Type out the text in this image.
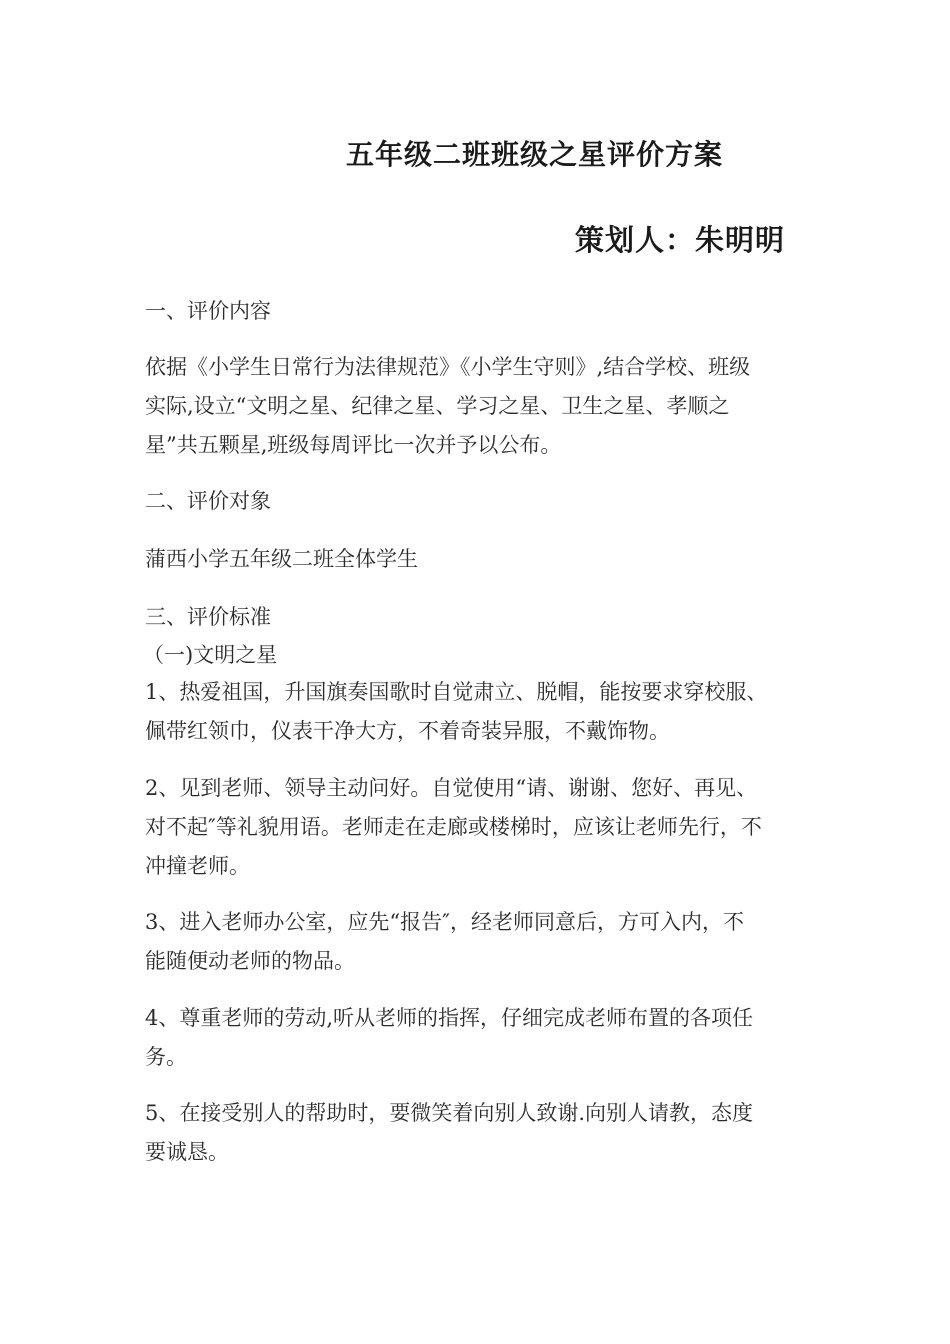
五年级二班班级之星评价方案
策划人：朱明明
一、评价内容
依据《小学生日常行为法律规范》《小学生守则》,结合学校、班级
实际,设立“文明之星、纪律之星、学习之星、卫生之星、孝顺之
星”共五颗星,班级每周评比一次并予以公布。
二、评价对象
蒲西小学五年级二班全体学生
三、评价标准
（一)文明之星
1、热爱祖国，升国旗奏国歌时自觉肃立、脱帽，能按要求穿校服、
佩带红领巾，仪表干净大方，不着奇装异服，不戴饰物。
2、见到老师、领导主动问好。自觉使用“请、谢谢、您好、再见、
对不起″等礼貌用语。老师走在走廊或楼梯时，应该让老师先行，不
冲撞老师。
3、进入老师办公室，应先“报告″，经老师同意后，方可入内，不
能随便动老师的物品。
4、尊重老师的劳动,听从老师的指挥，仔细完成老师布置的各项任
务。
5、在接受别人的帮助时，要微笑着向别人致谢.向别人请教，态度
要诚恳。
